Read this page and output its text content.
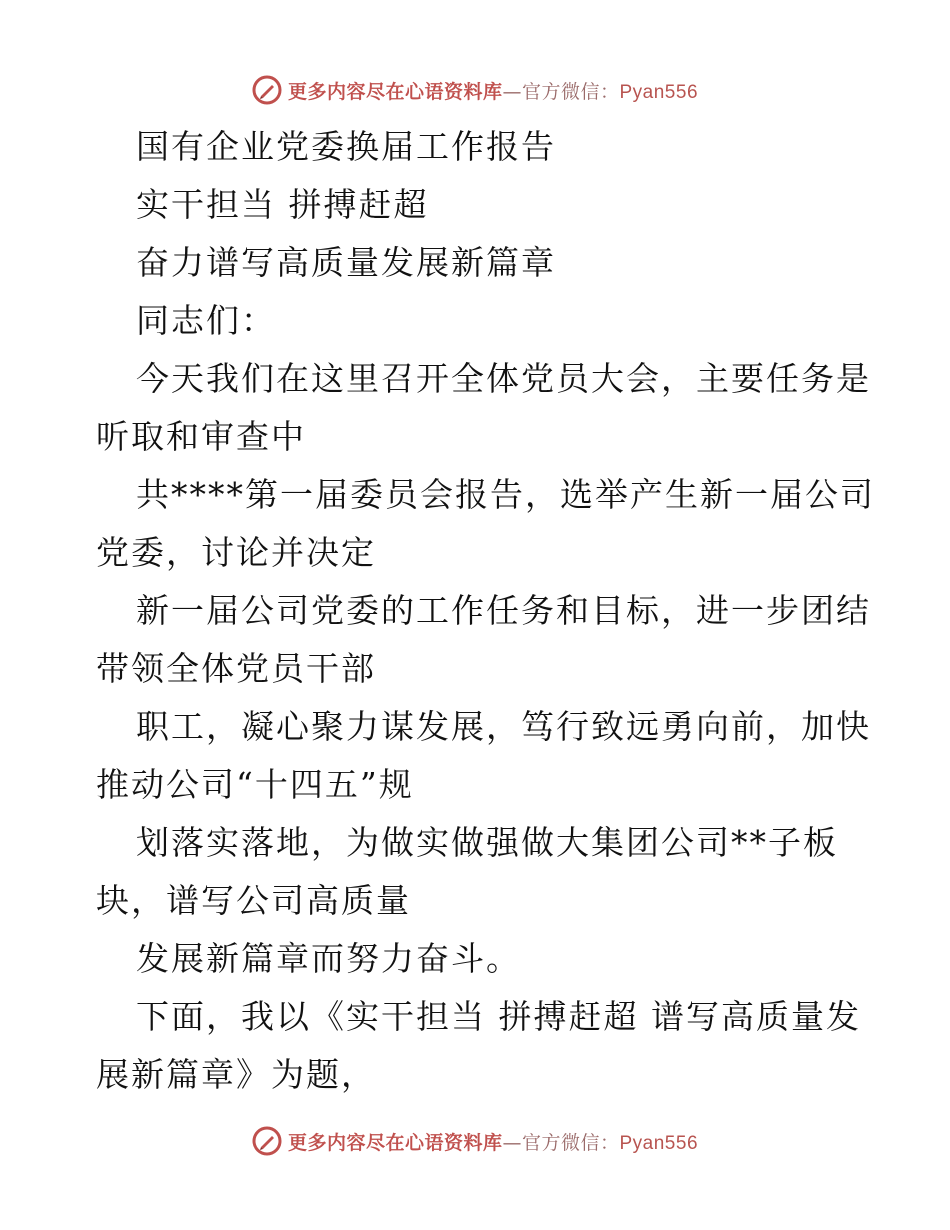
更多内容尽在心语资料库—官方微信：Pyan556
国有企业党委换届工作报告
实干担当 拼搏赶超
奋力谱写高质量发展新篇章
同志们：
今天我们在这里召开全体党员大会，主要任务是
听取和审查中
共****第一届委员会报告，选举产生新一届公司
党委，讨论并决定
新一届公司党委的工作任务和目标，进一步团结
带领全体党员干部
职工，凝心聚力谋发展，笃行致远勇向前，加快
推动公司“十四五”规
划落实落地，为做实做强做大集团公司**子板
块，谱写公司高质量
发展新篇章而努力奋斗。
下面，我以《实干担当 拼搏赶超 谱写高质量发
展新篇章》为题，
更多内容尽在心语资料库—官方微信：Pyan556
